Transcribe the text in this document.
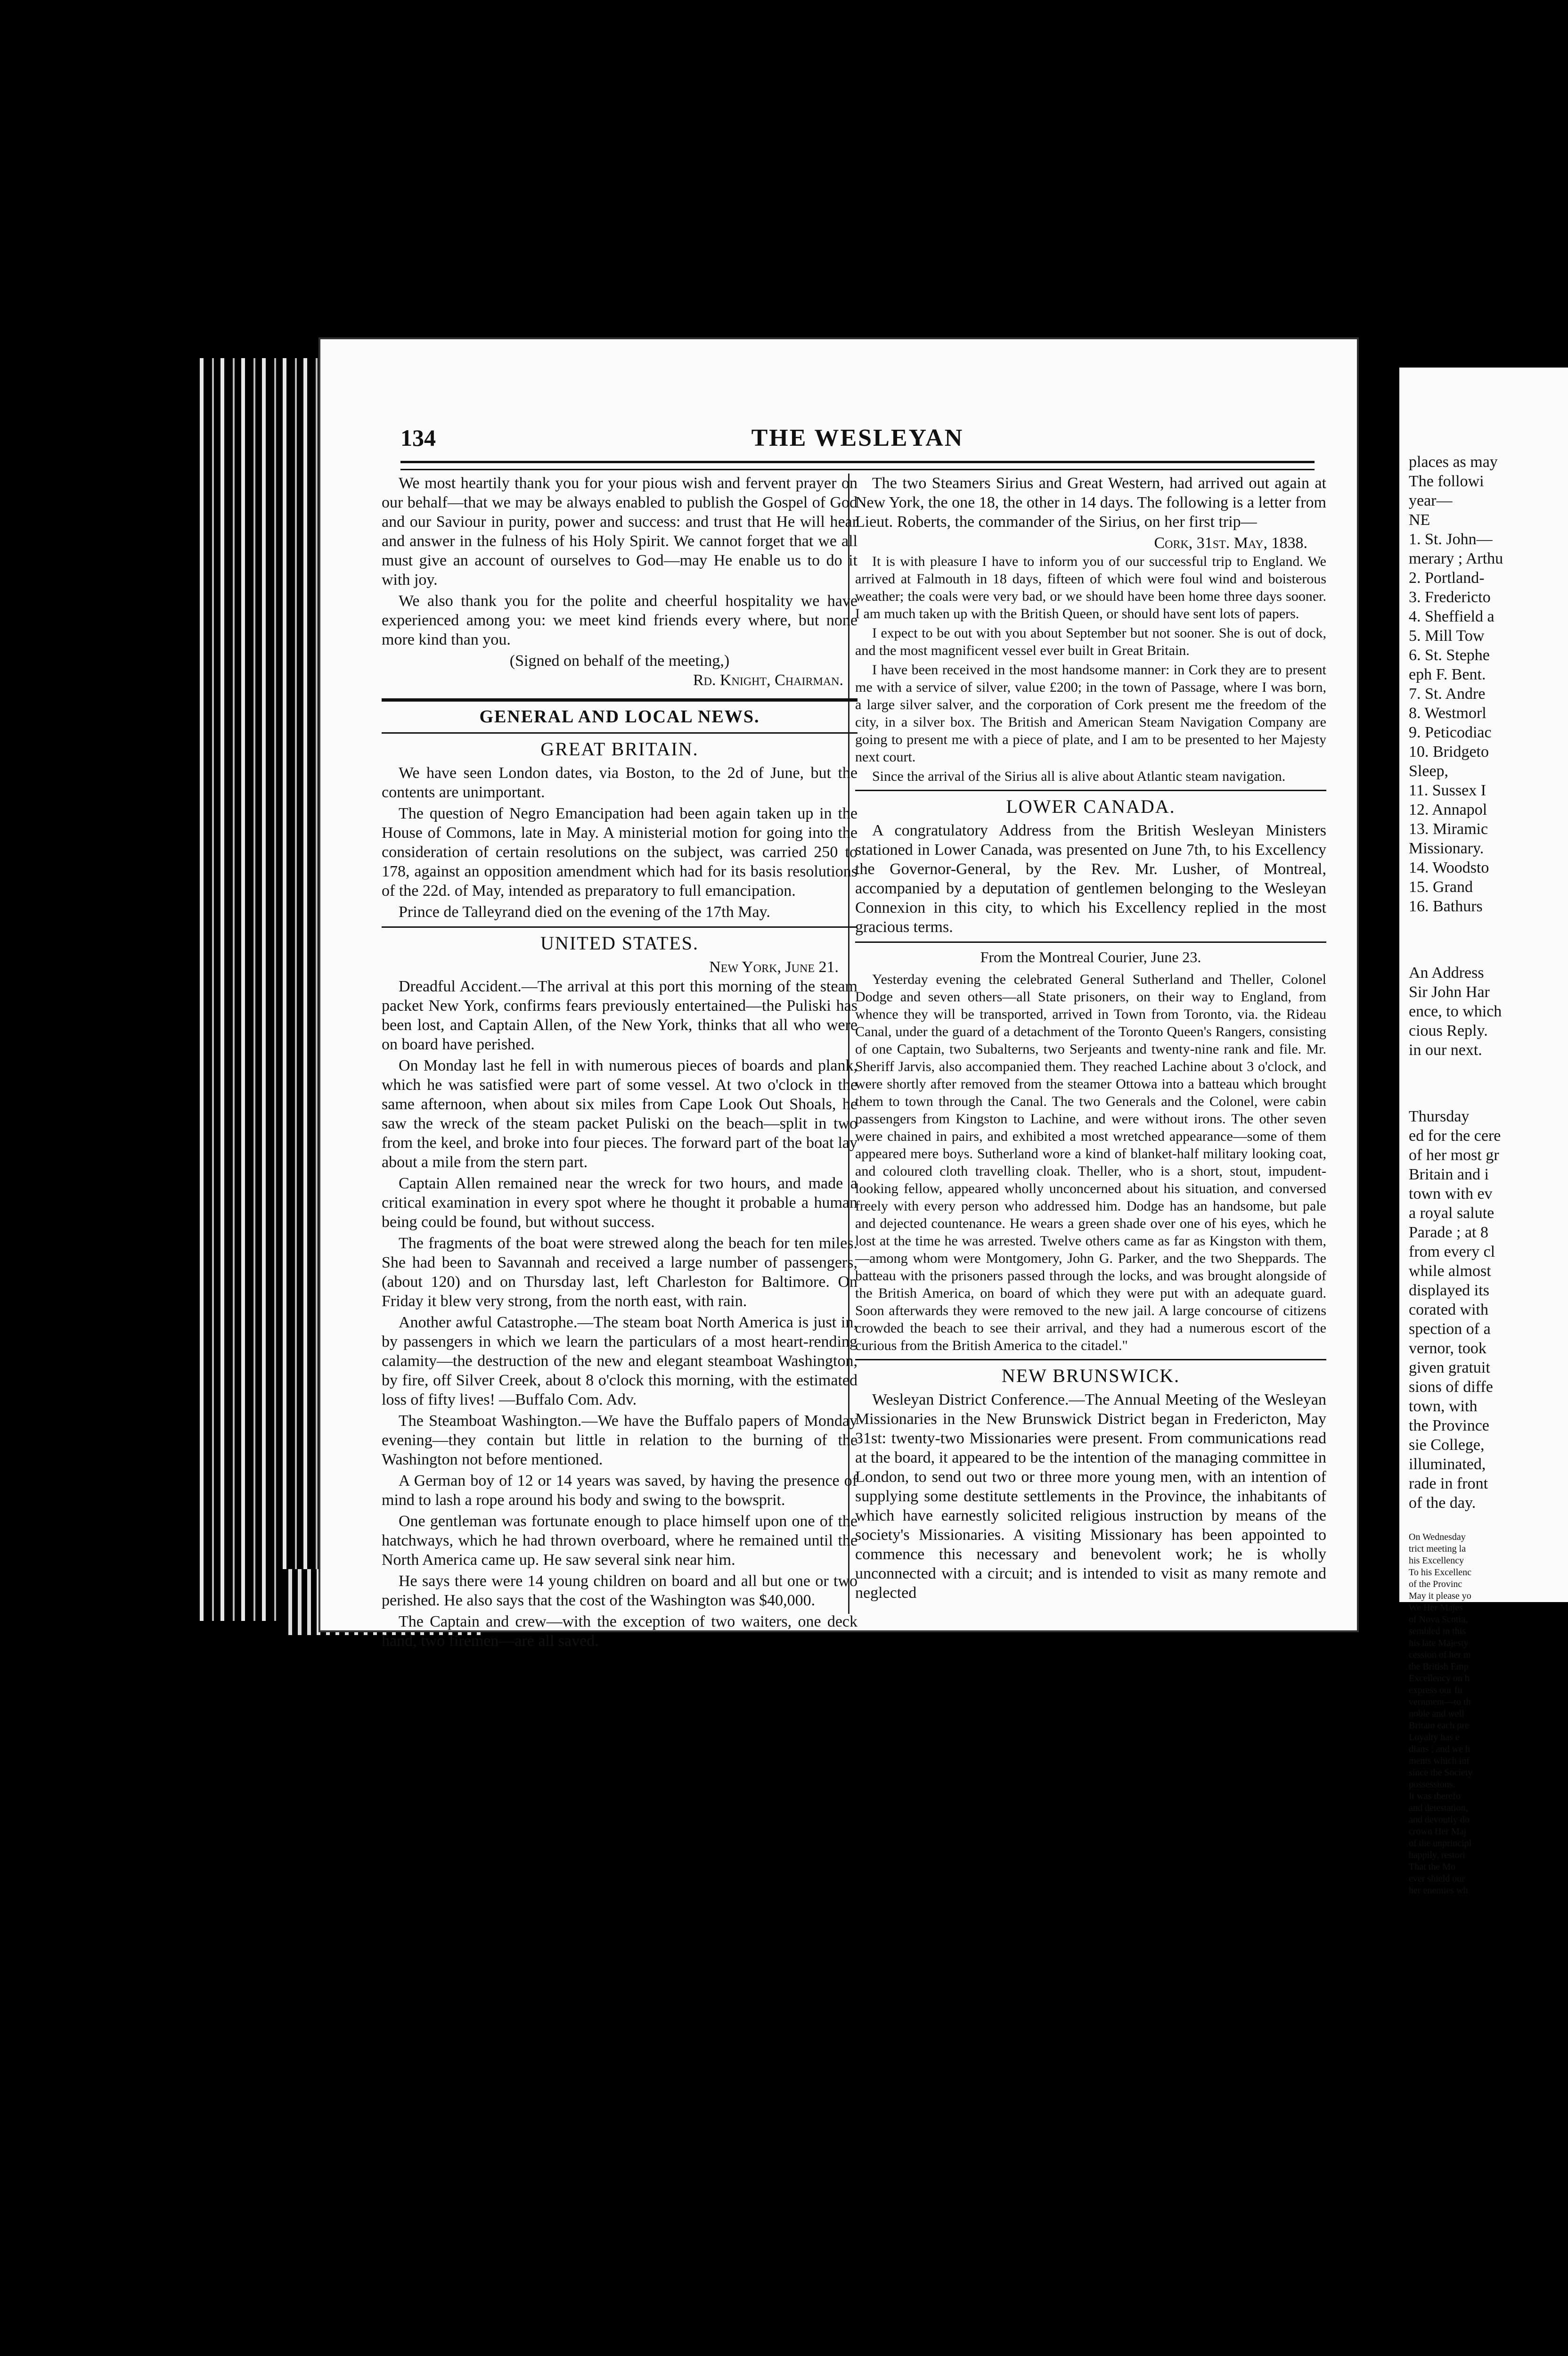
THE WESLEYAN
134

We most heartily thank you for your pious wish and fervent prayer on our behalf—that we may be always enabled to publish the Gospel of God and our Saviour in purity, power and success: and trust that He will hear and answer in the fulness of his Holy Spirit. We cannot forget that we all must give an account of ourselves to God—may He enable us to do it with joy.

We also thank you for the polite and cheerful hospitality we have experienced among you: we meet kind friends every where, but none more kind than you.

(Signed on behalf of the meeting,)
Rd. Knight, Chairman.
GENERAL AND LOCAL NEWS.
GREAT BRITAIN.

We have seen London dates, via Boston, to the 2d of June, but the contents are unimportant.

The question of Negro Emancipation had been again taken up in the House of Commons, late in May. A ministerial motion for going into the consideration of certain resolutions on the subject, was carried 250 to 178, against an opposition amendment which had for its basis resolutions of the 22d. of May, intended as preparatory to full emancipation.

Prince de Talleyrand died on the evening of the 17th May.

UNITED STATES.
New York, June 21.

Dreadful Accident.—The arrival at this port this morning of the steam packet New York, confirms fears previously entertained—the Puliski has been lost, and Captain Allen, of the New York, thinks that all who were on board have perished.

On Monday last he fell in with numerous pieces of boards and plank, which he was satisfied were part of some vessel. At two o'clock in the same afternoon, when about six miles from Cape Look Out Shoals, he saw the wreck of the steam packet Puliski on the beach—split in two from the keel, and broke into four pieces. The forward part of the boat lay about a mile from the stern part.

Captain Allen remained near the wreck for two hours, and made a critical examination in every spot where he thought it probable a human being could be found, but without success.

The fragments of the boat were strewed along the beach for ten miles. She had been to Savannah and received a large number of passengers, (about 120) and on Thursday last, left Charleston for Baltimore. On Friday it blew very strong, from the north east, with rain.

Another awful Catastrophe.—The steam boat North America is just in, by passengers in which we learn the particulars of a most heart-rending calamity—the destruction of the new and elegant steamboat Washington, by fire, off Silver Creek, about 8 o'clock this morning, with the estimated loss of fifty lives! —Buffalo Com. Adv.

The Steamboat Washington.—We have the Buffalo papers of Monday evening—they contain but little in relation to the burning of the Washington not before mentioned.

A German boy of 12 or 14 years was saved, by having the presence of mind to lash a rope around his body and swing to the bowsprit.

One gentleman was fortunate enough to place himself upon one of the hatchways, which he had thrown overboard, where he remained until the North America came up. He saw several sink near him.

He says there were 14 young children on board and all but one or two perished. He also says that the cost of the Washington was $40,000.

The Captain and crew—with the exception of two waiters, one deck hand, two firemen—are all saved.

The two Steamers Sirius and Great Western, had arrived out again at New York, the one 18, the other in 14 days. The following is a letter from Lieut. Roberts, the commander of the Sirius, on her first trip—

Cork, 31st. May, 1838.

It is with pleasure I have to inform you of our successful trip to England. We arrived at Falmouth in 18 days, fifteen of which were foul wind and boisterous weather; the coals were very bad, or we should have been home three days sooner. I am much taken up with the British Queen, or should have sent lots of papers.

I expect to be out with you about September but not sooner. She is out of dock, and the most magnificent vessel ever built in Great Britain.

I have been received in the most handsome manner: in Cork they are to present me with a service of silver, value £200; in the town of Passage, where I was born, a large silver salver, and the corporation of Cork present me the freedom of the city, in a silver box. The British and American Steam Navigation Company are going to present me with a piece of plate, and I am to be presented to her Majesty next court.

Since the arrival of the Sirius all is alive about Atlantic steam navigation.

LOWER CANADA.

A congratulatory Address from the British Wesleyan Ministers stationed in Lower Canada, was presented on June 7th, to his Excellency the Governor-General, by the Rev. Mr. Lusher, of Montreal, accompanied by a deputation of gentlemen belonging to the Wesleyan Connexion in this city, to which his Excellency replied in the most gracious terms.

From the Montreal Courier, June 23.

Yesterday evening the celebrated General Sutherland and Theller, Colonel Dodge and seven others—all State prisoners, on their way to England, from whence they will be transported, arrived in Town from Toronto, via. the Rideau Canal, under the guard of a detachment of the Toronto Queen's Rangers, consisting of one Captain, two Subalterns, two Serjeants and twenty-nine rank and file. Mr. Sheriff Jarvis, also accompanied them. They reached Lachine about 3 o'clock, and were shortly after removed from the steamer Ottowa into a batteau which brought them to town through the Canal. The two Generals and the Colonel, were cabin passengers from Kingston to Lachine, and were without irons. The other seven were chained in pairs, and exhibited a most wretched appearance—some of them appeared mere boys. Sutherland wore a kind of blanket-half military looking coat, and coloured cloth travelling cloak. Theller, who is a short, stout, impudent-looking fellow, appeared wholly unconcerned about his situation, and conversed freely with every person who addressed him. Dodge has an handsome, but pale and dejected countenance. He wears a green shade over one of his eyes, which he lost at the time he was arrested. Twelve others came as far as Kingston with them,—among whom were Montgomery, John G. Parker, and the two Sheppards. The batteau with the prisoners passed through the locks, and was brought alongside of the British America, on board of which they were put with an adequate guard. Soon afterwards they were removed to the new jail. A large concourse of citizens crowded the beach to see their arrival, and they had a numerous escort of the curious from the British America to the citadel."

NEW BRUNSWICK.

Wesleyan District Conference.—The Annual Meeting of the Wesleyan Missionaries in the New Brunswick District began in Fredericton, May 31st: twenty-two Missionaries were present. From communications read at the board, it appeared to be the intention of the managing committee in London, to send out two or three more young men, with an intention of supplying some destitute settlements in the Province, the inhabitants of which have earnestly solicited religious instruction by means of the society's Missionaries. A visiting Missionary has been appointed to commence this necessary and benevolent work; he is wholly unconnected with a circuit; and is intended to visit as many remote and neglected

places as may

The followi

year—

NE

1. St. John—

merary ; Arthu

2. Portland-

3. Fredericto

4. Sheffield a

5. Mill Tow

6. St. Stephe

eph F. Bent.

7. St. Andre

8. Westmorl

9. Peticodiac

10. Bridgeto

Sleep,

11. Sussex I

12. Annapol

13. Miramic

Missionary.

14. Woodsto

15. Grand

16. Bathurs

An Address

Sir John Har

ence, to which

cious Reply.

in our next.

Thursday

ed for the cere

of her most gr

Britain and i

town with ev

a royal salute

Parade ; at 8

from every cl

while almost

displayed its

corated with

spection of a

vernor, took

given gratuit

sions of diffe

town, with

the Province

sie College,

illuminated,

rade in front

of the day.

On Wednesday

trict meeting la

his Excellency

To his Excellenc

of the Provinc

May it please yo

We Her Majes

of Nova Scotia,

sembled in this

his late Majesty

cession of her m

the British Emp

Excellency on h

express our fir

vernment—to th

noble and well

Britain each pre

Loyalty has e

dians ; and we h

ments which inf

since the Society

possessions.

It was therefo

and detestation,

and devoutly do

crown Her Maj

of the unprincipl

happily, restori

That the Mo

ever shield our

her enemies wh
